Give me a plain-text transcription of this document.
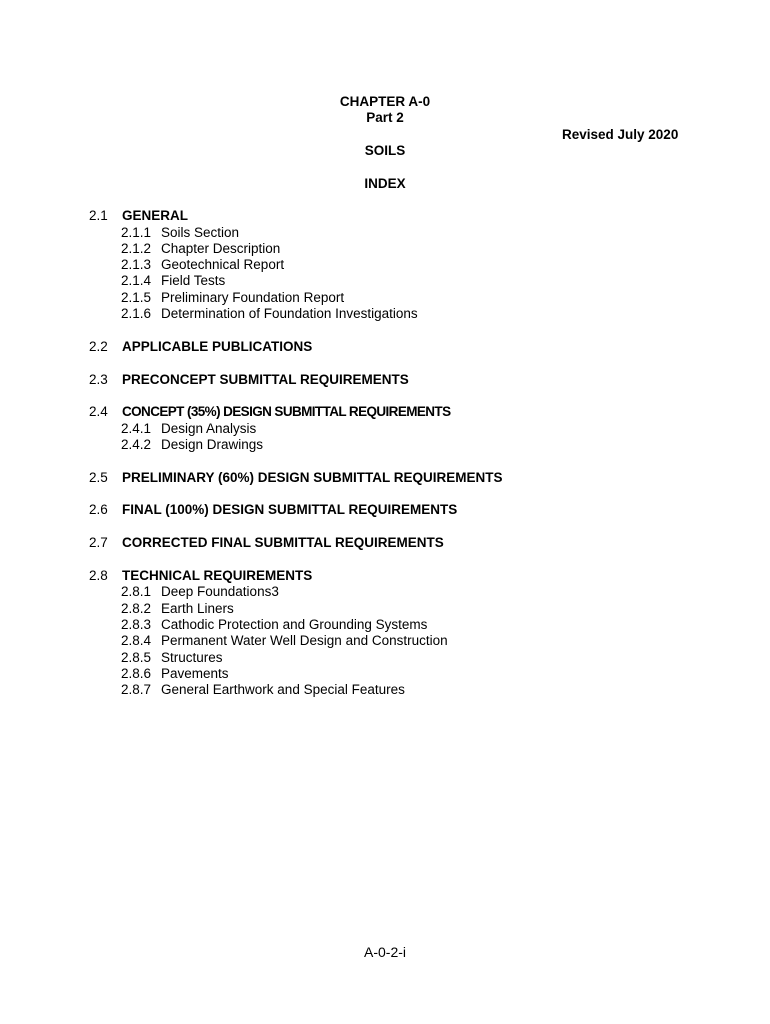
CHAPTER A-0
Part 2
Revised July 2020
SOILS
INDEX
2.1 GENERAL
2.1.1 Soils Section
2.1.2 Chapter Description
2.1.3 Geotechnical Report
2.1.4 Field Tests
2.1.5 Preliminary Foundation Report
2.1.6 Determination of Foundation Investigations
2.2 APPLICABLE PUBLICATIONS
2.3 PRECONCEPT SUBMITTAL REQUIREMENTS
2.4 CONCEPT (35%) DESIGN SUBMITTAL REQUIREMENTS
2.4.1 Design Analysis
2.4.2 Design Drawings
2.5 PRELIMINARY (60%) DESIGN SUBMITTAL REQUIREMENTS
2.6 FINAL (100%) DESIGN SUBMITTAL REQUIREMENTS
2.7 CORRECTED FINAL SUBMITTAL REQUIREMENTS
2.8 TECHNICAL REQUIREMENTS
2.8.1 Deep Foundations3
2.8.2 Earth Liners
2.8.3 Cathodic Protection and Grounding Systems
2.8.4 Permanent Water Well Design and Construction
2.8.5 Structures
2.8.6 Pavements
2.8.7 General Earthwork and Special Features
A-0-2-i
